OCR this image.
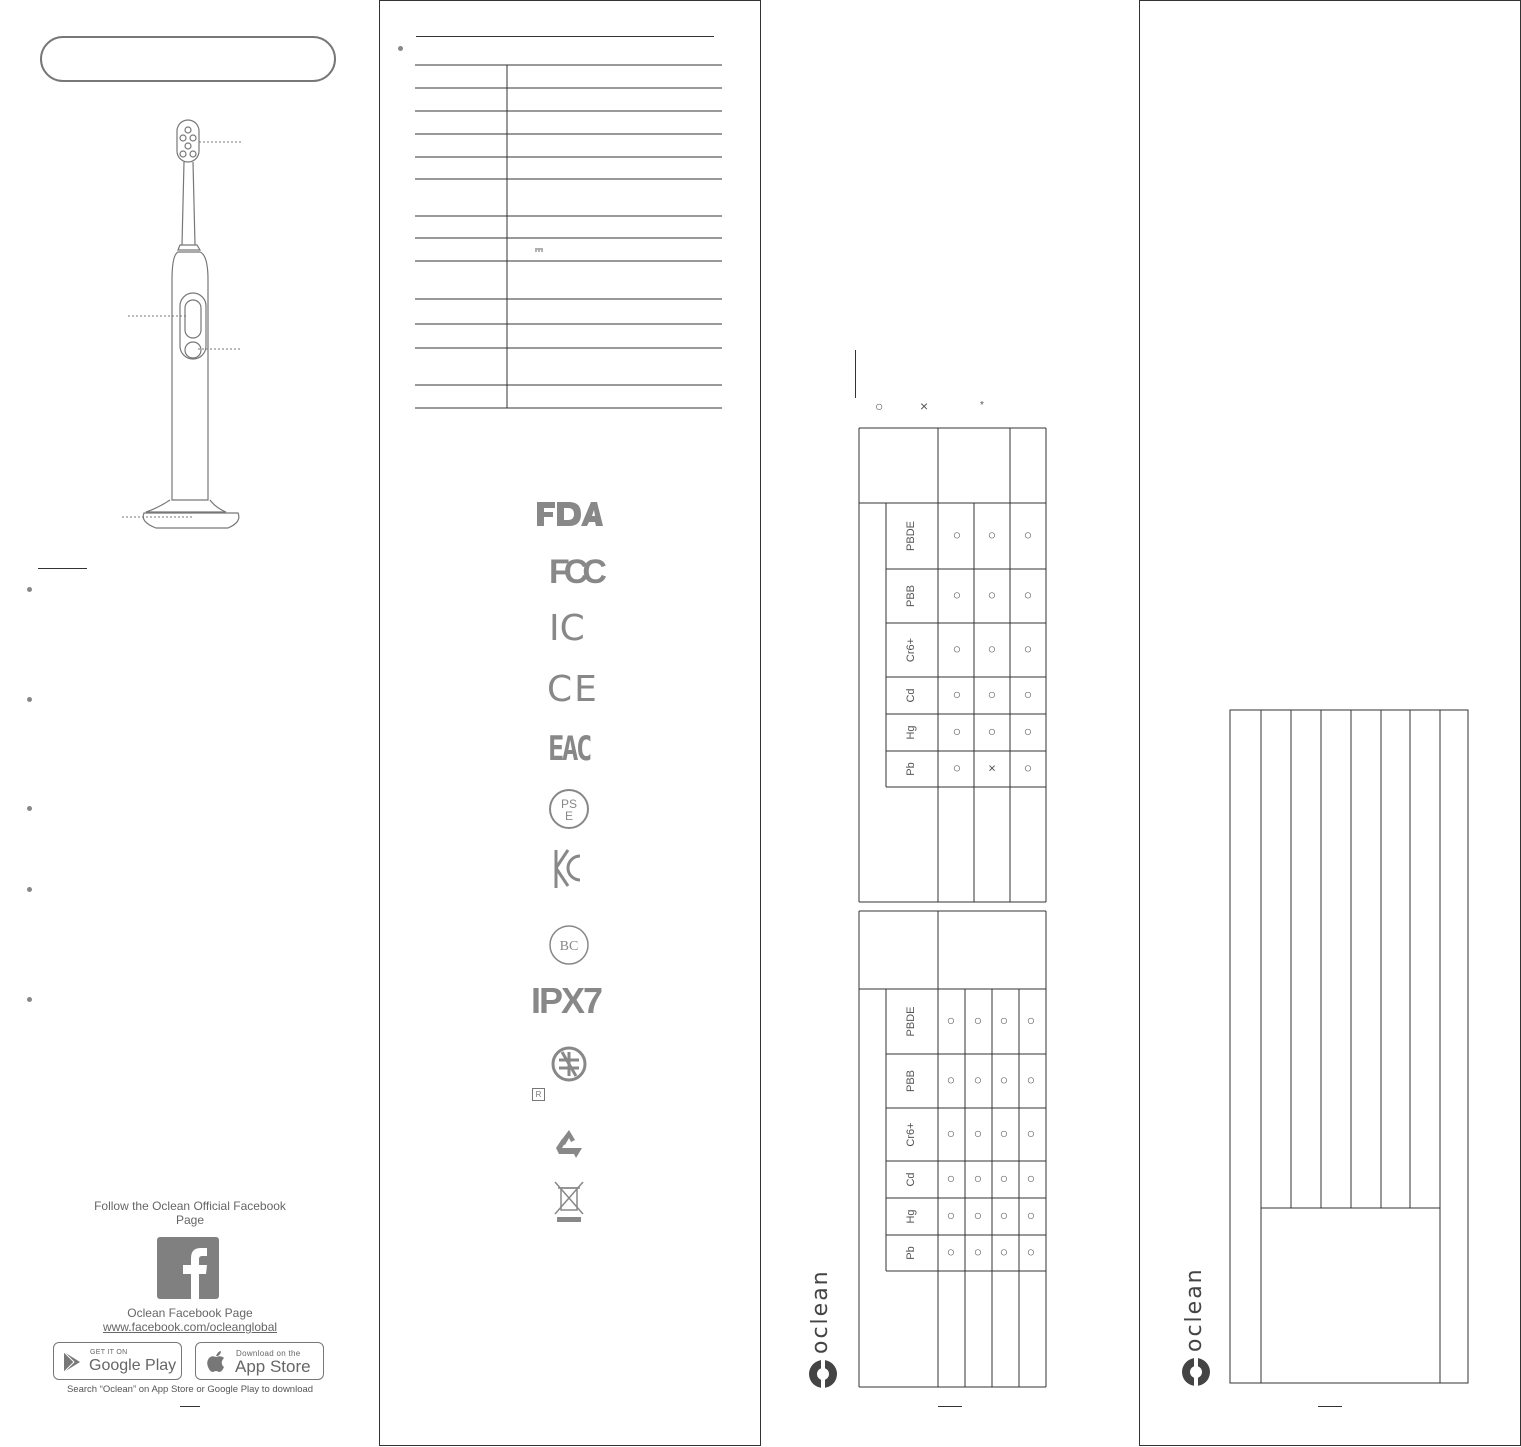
Follow the Oclean Official Facebook Page
Oclean Facebook Page
www.facebook.com/ocleanglobal
GET IT ON
Google Play
Download on the
App Store
Search “Oclean” on App Store or Google Play to download
FCC
IC
CE
EAC
PS E
BC
IPX7
R
○	×	*
PBDE	○ ○ ○
PBB	○ ○ ○
Cr6+	○ ○ ○
Cd	○ ○ ○
Hg	○ ○ ○
Pb	○ × ○
PBDE ○ ○ ○ ○
PBB ○ ○ ○ ○
Cr6+ ○ ○ ○ ○
Cd ○ ○ ○ ○
Hg ○ ○ ○ ○
Pb ○ ○ ○ ○
oclean	oclean
